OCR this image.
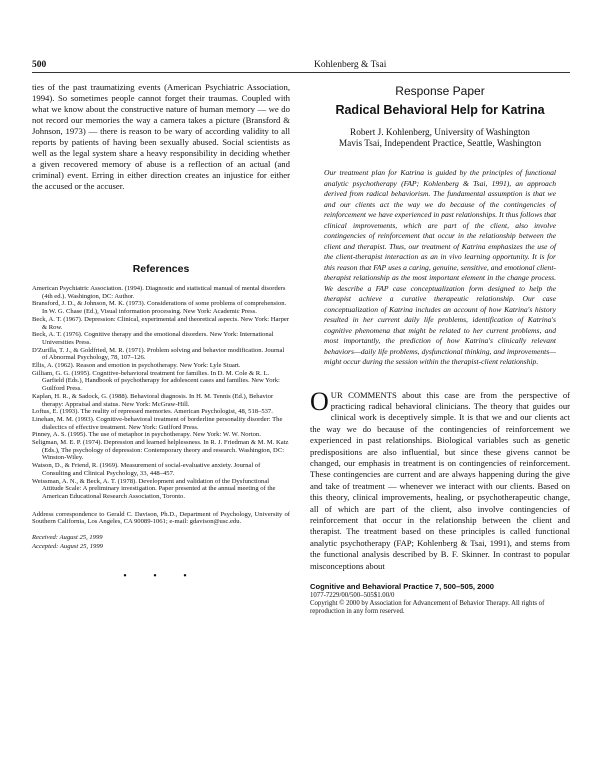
500	Kohlenberg & Tsai

ties of the past traumatizing events (American Psychiatric Association, 1994). So sometimes people cannot forget their traumas. Coupled with what we know about the constructive nature of human memory — we do not record our memories the way a camera takes a picture (Bransford & Johnson, 1973) — there is reason to be wary of according validity to all reports by patients of having been sexually abused. Social scientists as well as the legal system share a heavy responsibility in deciding whether a given recovered memory of abuse is a reflection of an actual (and criminal) event. Erring in either direction creates an injustice for either the accused or the accuser.

References

American Psychiatric Association. (1994). Diagnostic and statistical manual of mental disorders (4th ed.). Washington, DC: Author.

Bransford, J. D., & Johnson, M. K. (1973). Considerations of some problems of comprehension. In W. G. Chase (Ed.), Visual information processing. New York: Academic Press.

Beck, A. T. (1967). Depression: Clinical, experimental and theoretical aspects. New York: Harper & Row.

Beck, A. T. (1976). Cognitive therapy and the emotional disorders. New York: International Universities Press.

D'Zurilla, T. J., & Goldfried, M. R. (1971). Problem solving and behavior modification. Journal of Abnormal Psychology, 78, 107–126.

Ellis, A. (1962). Reason and emotion in psychotherapy. New York: Lyle Stuart.

Gilliam, G. G. (1995). Cognitive-behavioral treatment for families. In D. M. Cole & R. L. Garfield (Eds.), Handbook of psychotherapy for adolescent cases and families. New York: Guilford Press.

Kaplan, H. R., & Sadock, G. (1988). Behavioral diagnosis. In H. M. Tennis (Ed.), Behavior therapy: Appraisal and status. New York: McGraw-Hill.

Loftus, E. (1993). The reality of repressed memories. American Psychologist, 48, 518–537.

Linehan, M. M. (1993). Cognitive-behavioral treatment of borderline personality disorder: The dialectics of effective treatment. New York: Guilford Press.

Pinney, A. S. (1995). The use of metaphor in psychotherapy. New York: W. W. Norton.

Seligman, M. E. P. (1974). Depression and learned helplessness. In R. J. Friedman & M. M. Katz (Eds.), The psychology of depression: Contemporary theory and research. Washington, DC: Winston-Wiley.

Watson, D., & Friend, R. (1969). Measurement of social-evaluative anxiety. Journal of Consulting and Clinical Psychology, 33, 448–457.

Weissman, A. N., & Beck, A. T. (1978). Development and validation of the Dysfunctional Attitude Scale: A preliminary investigation. Paper presented at the annual meeting of the American Educational Research Association, Toronto.

Address correspondence to Gerald C. Davison, Ph.D., Department of Psychology, University of Southern California, Los Angeles, CA 90089-1061; e-mail: gdavison@usc.edu.

Received: August 25, 1999
Accepted: August 25, 1999
• • •
Response Paper
Radical Behavioral Help for Katrina
Robert J. Kohlenberg, University of Washington
Mavis Tsai, Independent Practice, Seattle, Washington

Our treatment plan for Katrina is guided by the principles of functional analytic psychotherapy (FAP; Kohlenberg & Tsai, 1991), an approach derived from radical behaviorism. The fundamental assumption is that we and our clients act the way we do because of the contingencies of reinforcement we have experienced in past relationships. It thus follows that clinical improvements, which are part of the client, also involve contingencies of reinforcement that occur in the relationship between the client and therapist. Thus, our treatment of Katrina emphasizes the use of the client-therapist interaction as an in vivo learning opportunity. It is for this reason that FAP uses a caring, genuine, sensitive, and emotional client-therapist relationship as the most important element in the change process. We describe a FAP case conceptualization form designed to help the therapist achieve a curative therapeutic relationship. Our case conceptualization of Katrina includes an account of how Katrina's history resulted in her current daily life problems, identification of Katrina's cognitive phenomena that might be related to her current problems, and most importantly, the prediction of how Katrina's clinically relevant behaviors—daily life problems, dysfunctional thinking, and improvements—might occur during the session within the therapist-client relationship.

OUR COMMENTS about this case are from the perspective of practicing radical behavioral clinicians. The theory that guides our clinical work is deceptively simple. It is that we and our clients act the way we do because of the contingencies of reinforcement we experienced in past relationships. Biological variables such as genetic predispositions are also influential, but since these givens cannot be changed, our emphasis in treatment is on contingencies of reinforcement. These contingencies are current and are always happening during the give and take of treatment — whenever we interact with our clients. Based on this theory, clinical improvements, healing, or psychotherapeutic change, all of which are part of the client, also involve contingencies of reinforcement that occur in the relationship between the client and therapist. The treatment based on these principles is called functional analytic psychotherapy (FAP; Kohlenberg & Tsai, 1991), and stems from the functional analysis described by B. F. Skinner. In contrast to popular misconceptions about

Cognitive and Behavioral Practice 7, 500–505, 2000
1077-7229/00/500–505$1.00/0
Copyright © 2000 by Association for Advancement of Behavior Therapy. All rights of reproduction in any form reserved.
